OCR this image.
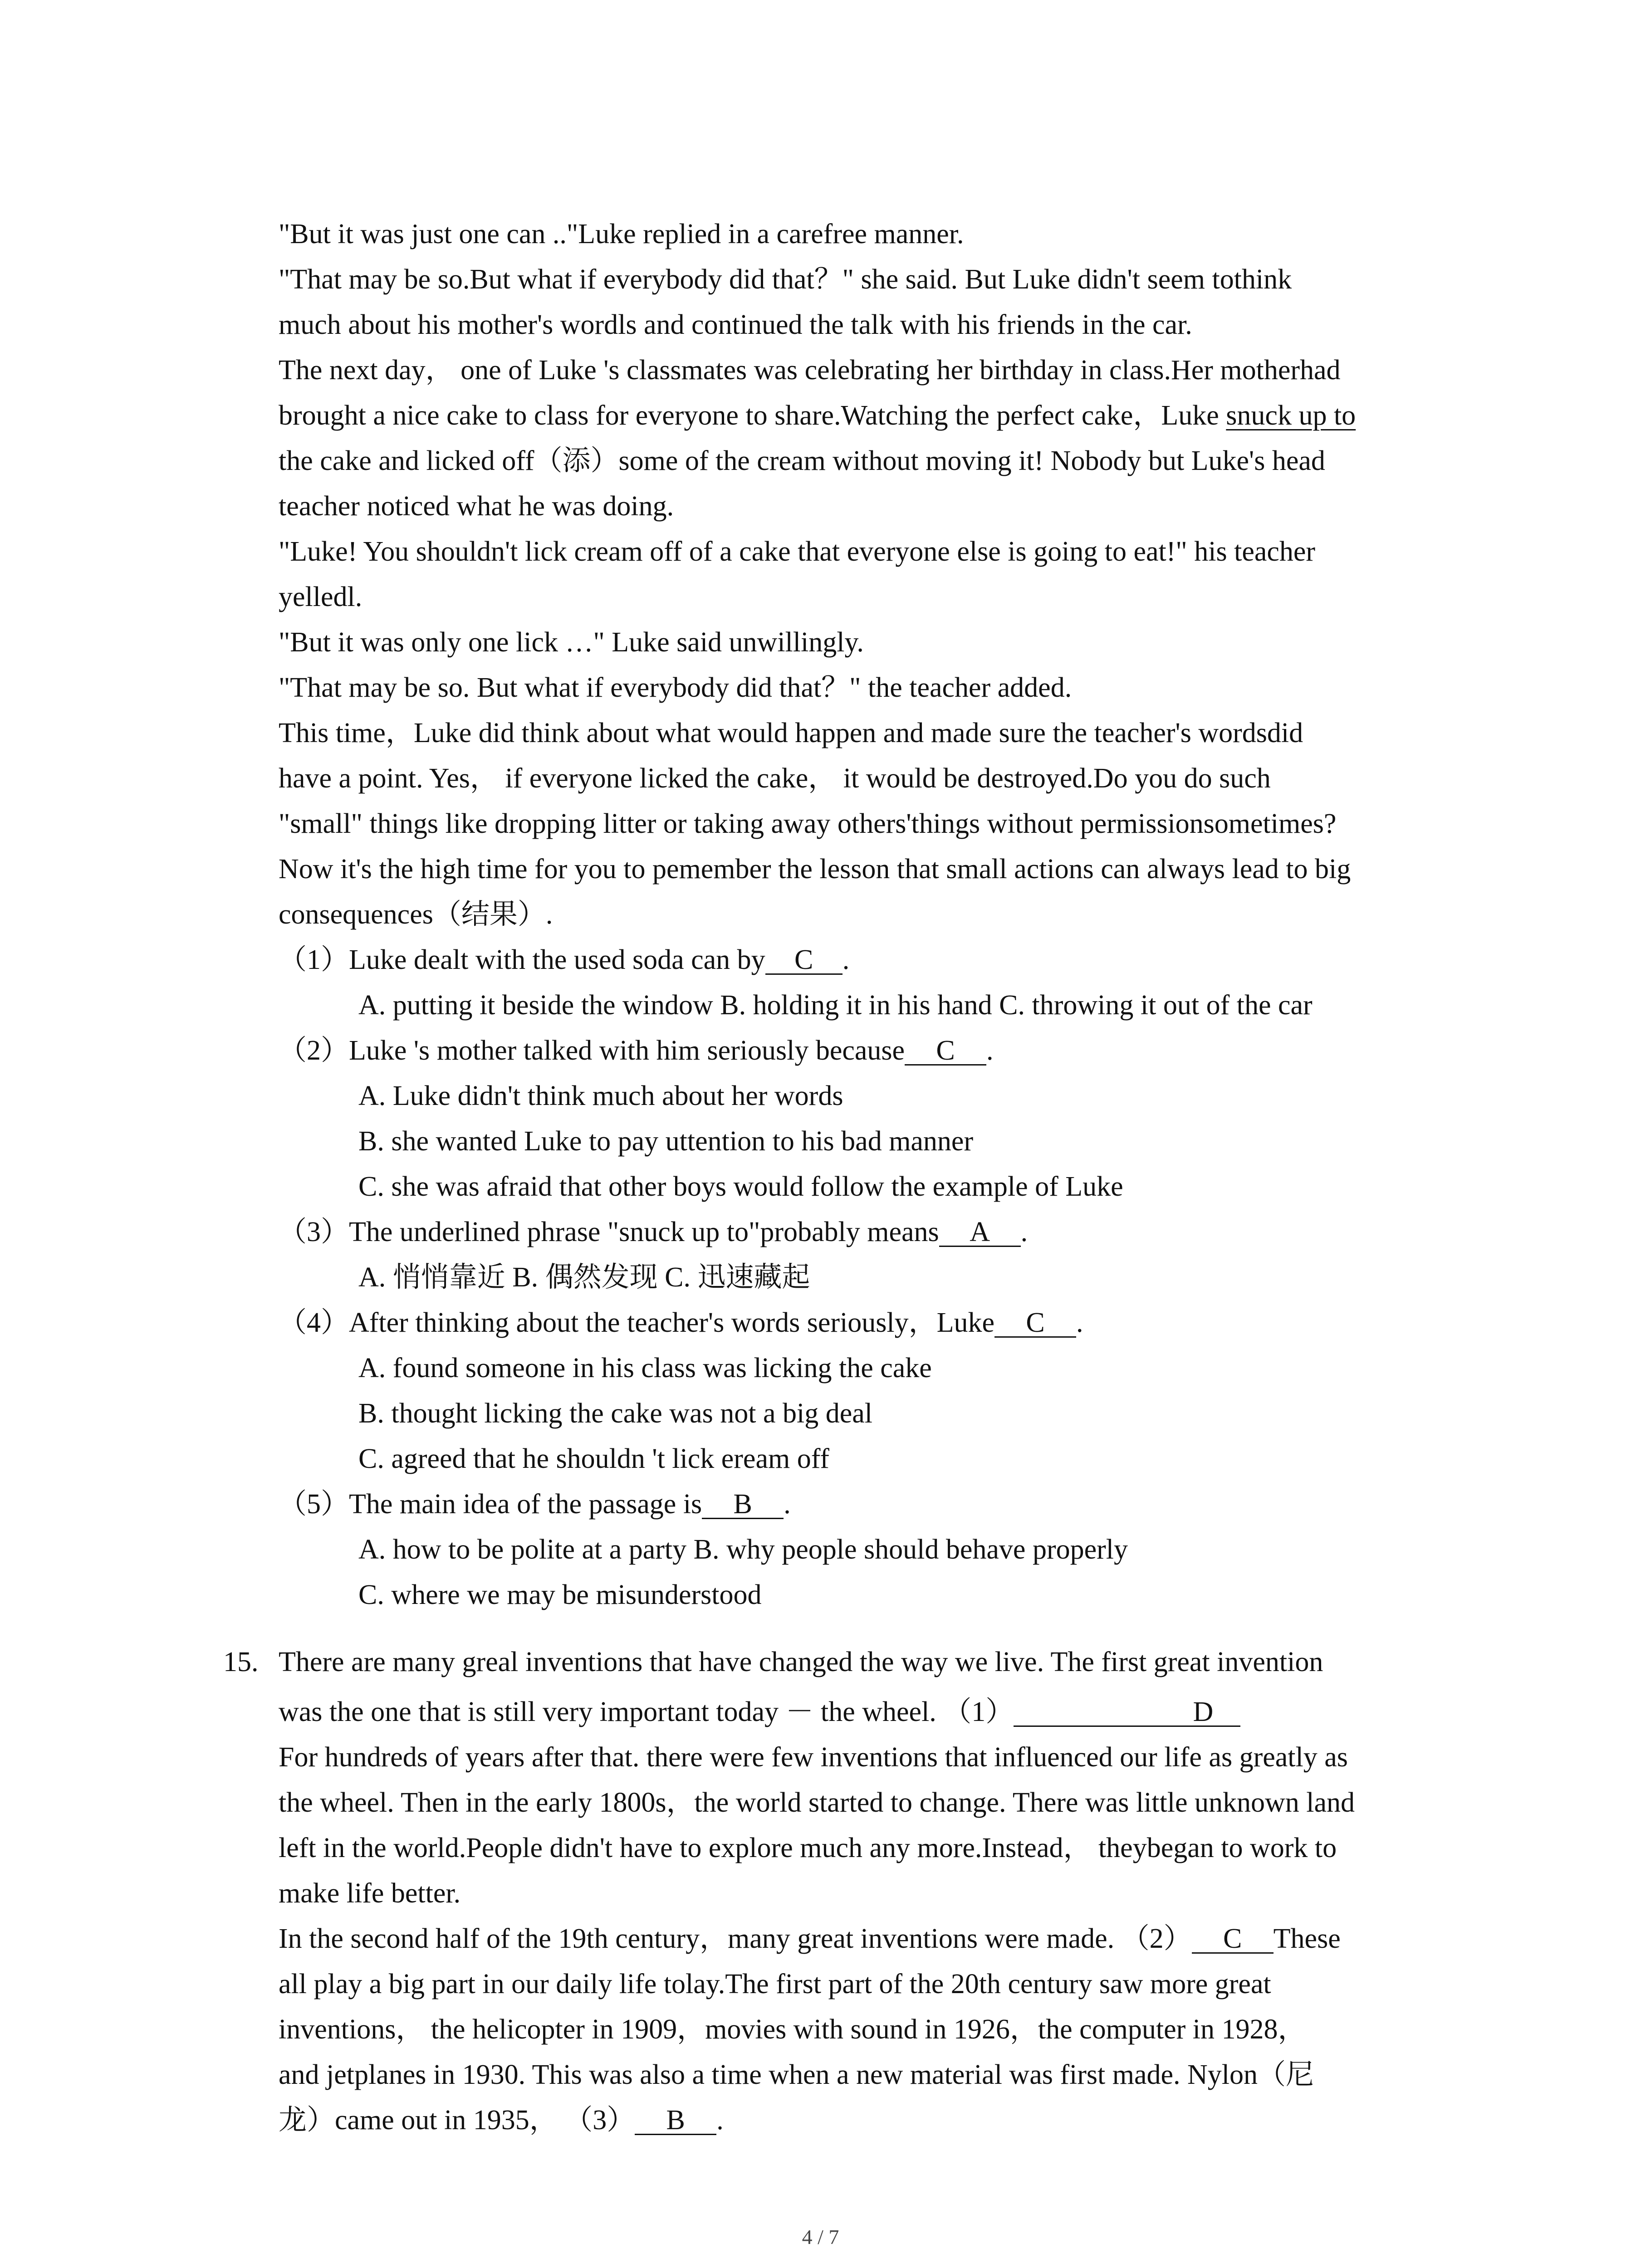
"But it was just one can .."Luke replied in a carefree manner.
"That may be so.But what if everybody did that？" she said. But Luke didn't seem tothink
much about his mother's wordls and continued the talk with his friends in the car.
The next day， one of Luke 's classmates was celebrating her birthday in class.Her motherhad
brought a nice cake to class for everyone to share.Watching the perfect cake，Luke snuck up to
the cake and licked off（添）some of the cream without moving it! Nobody but Luke's head
teacher noticed what he was doing.
"Luke! You shouldn't lick cream off of a cake that everyone else is going to eat!" his teacher
yelledl.
"But it was only one lick …" Luke said unwillingly.
"That may be so. But what if everybody did that？" the teacher added.
This time，Luke did think about what would happen and made sure the teacher's wordsdid
have a point. Yes， if everyone licked the cake， it would be destroyed.Do you do such
"small" things like dropping litter or taking away others'things without permissionsometimes?
Now it's the high time for you to pemember the lesson that small actions can always lead to big
consequences（结果）.
（1）Luke dealt with the used soda can by C .
A. putting it beside the window B. holding it in his hand C. throwing it out of the car
（2）Luke 's mother talked with him seriously because C .
A. Luke didn't think much about her words
B. she wanted Luke to pay uttention to his bad manner
C. she was afraid that other boys would follow the example of Luke
（3）The underlined phrase "snuck up to"probably means A .
A. 悄悄靠近 B. 偶然发现 C. 迅速藏起
（4）After thinking about the teacher's words seriously，Luke C .
A. found someone in his class was licking the cake
B. thought licking the cake was not a big deal
C. agreed that he shouldn 't lick eream off
（5）The main idea of the passage is B .
A. how to be polite at a party B. why people should behave properly
C. where we may be misunderstood
15. There are many greal inventions that have changed the way we live. The first great invention
was the one that is still very important today － the wheel. （1）	D
For hundreds of years after that. there were few inventions that influenced our life as greatly as
the wheel. Then in the early 1800s，the world started to change. There was little unknown land
left in the world.People didn't have to explore much any more.Instead， theybegan to work to
make life better.
In the second half of the 19th century，many great inventions were made. （2） C These
all play a big part in our daily life tolay.The first part of the 20th century saw more great
inventions， the helicopter in 1909，movies with sound in 1926，the computer in 1928，
and jetplanes in 1930. This was also a time when a new material was first made. Nylon（尼
龙）came out in 1935， （3） B .
4 / 7
